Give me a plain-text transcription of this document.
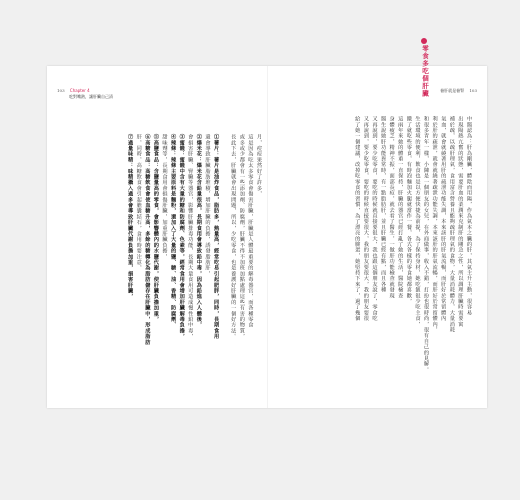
103 Chapter 4
吃對嘴熱，讓肝臟自己清
養肝就是養腎 103
月，痘痘果然好了許多，
這是因為吃太多零食會傷害肝臟，肝臟是人體最重要的解毒器官，而各種零食
或多或少都會有一些添加劑、防腐劑，肝臟不得不加班加點處理這些有害的物質，
長此下去，肝臟就會出現問題，所以，少吃零食，也是養護好肝臟的一個好方法。
①薯片：薯片是油炸食品，脂肪多，熱量高，經常吃易引起肥胖，同時，長期食用
還會導致肝臟脂肪堆積，增加肝臟的負擔，誘發脂肪肝，
②爆米花：爆米花含鉛量很高，長期食用會導致鉛中毒，因為鉛進入人體後，
會損害肝臟、腎臟等器官，影響肝臟排毒功能，長期大量食用可造成慢性鉛中毒，
③蜜餞：蜜餞中含有大量的糖和防腐劑、色素等，經常食用會增加肝臟解毒負擔，
④辣條：辣條主要原料是麵粉，還加入了大量的鹽、糖、油、香精、防腐劑、
甜味劑等，長期食用會損傷肝臟，加重肝臟負擔，
⑤高鹽食品：含鹽量高的零食，會影響體內的水鹽代謝，使肝臟負擔加重，
⑥高糖食品：高糖飲食會使血糖升高，多餘的糖轉化為脂肪儲存在肝臟中，形成脂肪
肝，同時，高糖飲食會引起膽囊結石，食用時要注意，
⑦過量味精：味精攝入過多會導致肝臟代謝負擔加重，損害肝臟，	中醫認為：肝為剛臟，體陰而用陽，作為氣本之臟的肝，其氣主升主動，很容易
出現陽熱亢奮的狀態，需要肝血的柔潤來克制肝的剛急之性，所以調理肝臟時需要寓
補於疏，以疏肝理氣，食用富含營養且能夠疏肝理氣的食物，大量消耗體力，大量消耗
氣血，就會就繞著用肝的疏泄功能失調，本來該肝的肝氣流暢，而肝好於常留體內
利於肝的疏泄，就會就繞著疏泄功能失調，本來該肝的肝氣流暢，而肝好於常留體內，
和很多青年一樣，小陳是一個朋友的女兒，在外商做事，收入不錯，打扮也很時尚，很有自己的見解。
生活環境的便利，飲食也是以方便快捷為前提，為了保持身材，她吃飯很少吃主食，
餓了就吃些零食，有時泡麵加火腿就當作一餐，各式各樣的零食她都喜歡，
這兩年來她的體重一直保持，肝臟的器官已經打亂了她的生活，醫院檢查
身體疲乏，精神不振，面部長痘，就去看了醫生，一做肝功能檢查就發現
醫生說她肝功能異常時，有一點脂肪肝，並且肝臟已經有點，而且各種
又再說到，要少吃零食，要吃的時候就直接要很大，我也跟這個朋友說了，零食吃
又再說到，要少吃零食，要吃的時候直接要很大，我的朋友要很大，我的朋友要很
給了她一個建議，改掉吃零食的習慣，為了漂亮的臉蛋，她堅持下來了，過了幾個
零食多吃個肝臟
